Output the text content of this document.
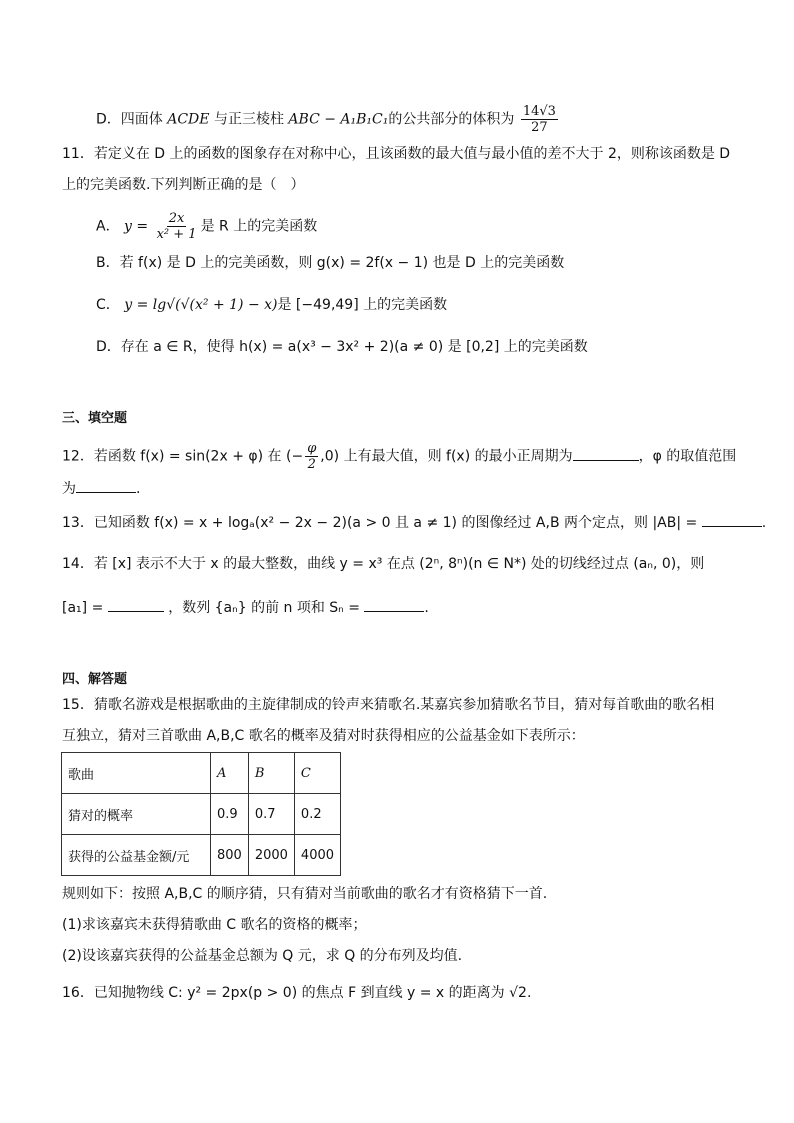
D．四面体 ACDE 与正三棱柱 ABC − A₁B₁C₁的公共部分的体积为 $\frac{14√3}{27}$
11．若定义在 D 上的函数的图象存在对称中心，且该函数的最大值与最小值的差不大于 2，则称该函数是 D
上的完美函数.下列判断正确的是（　）
A． $y = \frac{2x}{\text{x² + 1}}$ 是 R 上的完美函数
B．若 f(x) 是 D 上的完美函数，则 g(x) = 2f(x − 1) 也是 D 上的完美函数
C． y = lg√(√(x² + 1) − x)是 [−49,49] 上的完美函数
D．存在 a ∈ R，使得 h(x) = a(x³ − 3x² + 2)(a ≠ 0) 是 [0,2] 上的完美函数
三、填空题
12．若函数 f(x) = sin(2x + φ) 在 (− $\frac{\varphi}{2} ,0$) 上有最大值，则 f(x) 的最小正周期为	，φ 的取值范围
为	.
13．已知函数 f(x) = x + logₐ(x² − 2x − 2)(a > 0 且 a ≠ 1) 的图像经过 A,B 两个定点，则 |AB| =	.
14．若 [x] 表示不大于 x 的最大整数，曲线 y = x³ 在点 (2ⁿ, 8ⁿ)(n ∈ N*) 处的切线经过点 (aₙ, 0)，则
[a₁] =	，数列 {aₙ} 的前 n 项和 Sₙ =	.
四、解答题
15．猜歌名游戏是根据歌曲的主旋律制成的铃声来猜歌名.某嘉宾参加猜歌名节目，猜对每首歌曲的歌名相
互独立，猜对三首歌曲 A,B,C 歌名的概率及猜对时获得相应的公益基金如下表所示：
歌曲	A	B	C
猜对的概率	0.9	0.7	0.2
获得的公益基金额/元	800	2000	4000
规则如下：按照 A,B,C 的顺序猜，只有猜对当前歌曲的歌名才有资格猜下一首.
(1)求该嘉宾未获得猜歌曲 C 歌名的资格的概率；
(2)设该嘉宾获得的公益基金总额为 Q 元，求 Q 的分布列及均值.
16．已知抛物线 C: y² = 2px(p > 0) 的焦点 F 到直线 y = x 的距离为 √2.
